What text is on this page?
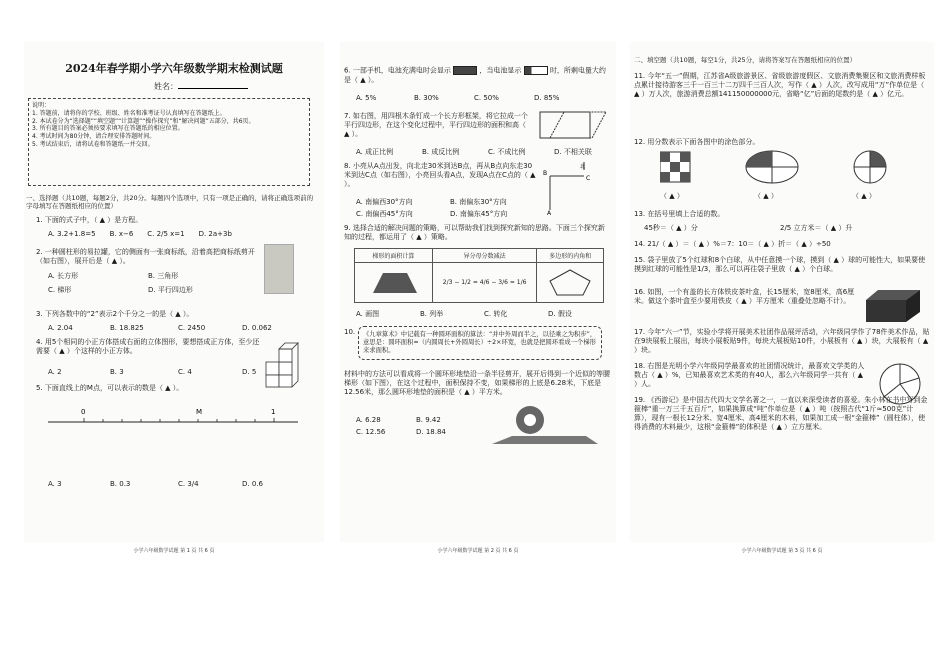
2024年春学期小学六年级数学期末检测试题
姓名：
说明：
1. 答题前，请将你的学校、班级、姓名和准考证号认真填写在答题纸上。
2. 本试卷分为“选择题”“填空题”“计算题”“操作探究”和“解决问题”五部分，共6页。
3. 所有题目的答案必须按要求填写在答题纸的相应位置。
4. 考试时间为80分钟，请合理安排答题时间。
5. 考试结束后，请将试卷和答题纸一并交回。
一、选择题（共10题，每题2分，共20分。每题四个选项中，只有一项是正确的，请将正确选项前的字母填写在答题纸相应的位置）
1. 下面的式子中，（ ▲ ）是方程。
A. 3.2+1.8=5 B. x−6 C. 2/5 x=1 D. 2a+3b
2. 一种圆柱形的易拉罐，它的侧面有一张商标纸，沿着高把商标纸剪开（如右图），展开后是（ ▲ ）。
A. 长方形	B. 三角形
C. 梯形	D. 平行四边形
3. 下列各数中的“2”表示2个千分之一的是（ ▲ ）。
A. 2.04	B. 18.825	C. 2450	D. 0.062
4. 用5个相同的小正方体搭成右面的立体图形，要想搭成正方体，至少还需要（ ▲ ）个这样的小正方体。
A. 2	B. 3	C. 4	D. 5
5. 下面直线上的M点，可以表示的数是（ ▲ ）。
0	M	1
A. 3	B. 0.3	C. 3/4	D. 0.6
小学六年级数学试题 第 1 页 共 6 页
6. 一部手机，电池充满电时会显示	，当电池显示	时，所剩电量大约是（ ▲ ）。
A. 5%	B. 30%	C. 50%	D. 85%
7. 如右图，用四根木条钉成一个长方形框架，将它拉成一个平行四边形，在这个变化过程中，平行四边形的面积和高（ ▲ ）。
A. 成正比例	B. 成反比例	C. 不成比例	D. 不相关联
8. 小亮从A点出发，向北走30米到达B点，再从B点向东走30米到达C点（如右图），小亮回头看A点，发现A点在C点的（ ▲ ）。
A
B
C
北
A. 南偏西30°方向	B. 南偏东30°方向
C. 南偏西45°方向	D. 南偏东45°方向
9. 选择合适的解决问题的策略，可以帮助我们找到探究新知的思路。下面三个探究新知的过程，都运用了（ ▲ ）策略。
梯形的面积计算	异分母分数减法	多边形的内角和
	2/3 − 1/2 = 4/6 − 3/6 = 1/6	
A. 画图	B. 列举	C. 转化	D. 假设
10.	《九章算术》中记载有一种圆环面积的算法：“并中外周而半之，以径乘之为积步”，意思是：圆环面积=（内圆周长+外圆周长）÷2×环宽，也就是把圆环看成一个梯形来求面积。
材料中的方法可以看成将一个圆环形地垫沿一条半径剪开，展开后得到一个近似的等腰梯形（如下图），在这个过程中，面积保持不变，如果梯形的上底是6.28米，下底是12.56米，那么圆环形地垫的面积是（ ▲ ）平方米。
A. 6.28	B. 9.42
C. 12.56	D. 18.84
小学六年级数学试题 第 2 页 共 6 页
二、填空题（共10题，每空1分，共25分，请将答案写在答题纸相应的位置）
11. 今年“五一”假期，江苏省A级旅游景区、省级旅游度假区、文旅消费集聚区和文旅消费样板点累计接待游客三千一百三十二万四千三百人次，写作（ ▲ ）人次，改写成用“万”作单位是（ ▲ ）万人次，旅游消费总额141150000000元，省略“亿”后面的尾数约是（ ▲ ）亿元。
12. 用分数表示下面各图中的涂色部分。
（ ▲ ）	（ ▲ ）	（ ▲ ）
13. 在括号里填上合适的数。
45秒＝（ ▲ ）分	2/5 立方米＝（ ▲ ）升
14. 21/（ ▲ ）＝（ ▲ ）%＝7：10＝（ ▲ ）折＝（ ▲ ）÷50
15. 袋子里放了5个红球和8个白球，从中任意摸一个球，摸到（ ▲ ）球的可能性大，如果要使摸到红球的可能性是1/3，那么可以再往袋子里放（ ▲ ）个白球。
16. 如图，一个有盖的长方体铁皮茶叶盒，长15厘米，宽8厘米，高6厘米。做这个茶叶盒至少要用铁皮（ ▲ ）平方厘米（重叠处忽略不计）。
17. 今年“六一”节，实验小学将开展美术社团作品展评活动，六年级同学作了78件美术作品，贴在9块展板上展出，每块小展板贴9件，每块大展板贴10件，小展板有（ ▲ ）块，大展板有（ ▲ ）块。
18. 右图是光明小学六年级同学最喜欢的社团情况统计，最喜欢文学类的人数占（ ▲ ）%，已知最喜欢艺术类的有40人，那么六年级同学一共有（ ▲ ）人。
19. 《西游记》是中国古代四大文学名著之一，一直以来深受读者的喜爱。朱小林在书中写到金箍棒“重一万三千五百斤”，如果换算成“吨”作单位是（ ▲ ）吨（按照古代“1斤≈500克”计算），现有一根长12分米、宽4厘米、高4厘米的木料，如果加工成一根“金箍棒”（圆柱体），使得消费的木料最少，这根“金箍棒”的体积是（ ▲ ）立方厘米。
小学六年级数学试题 第 3 页 共 6 页
